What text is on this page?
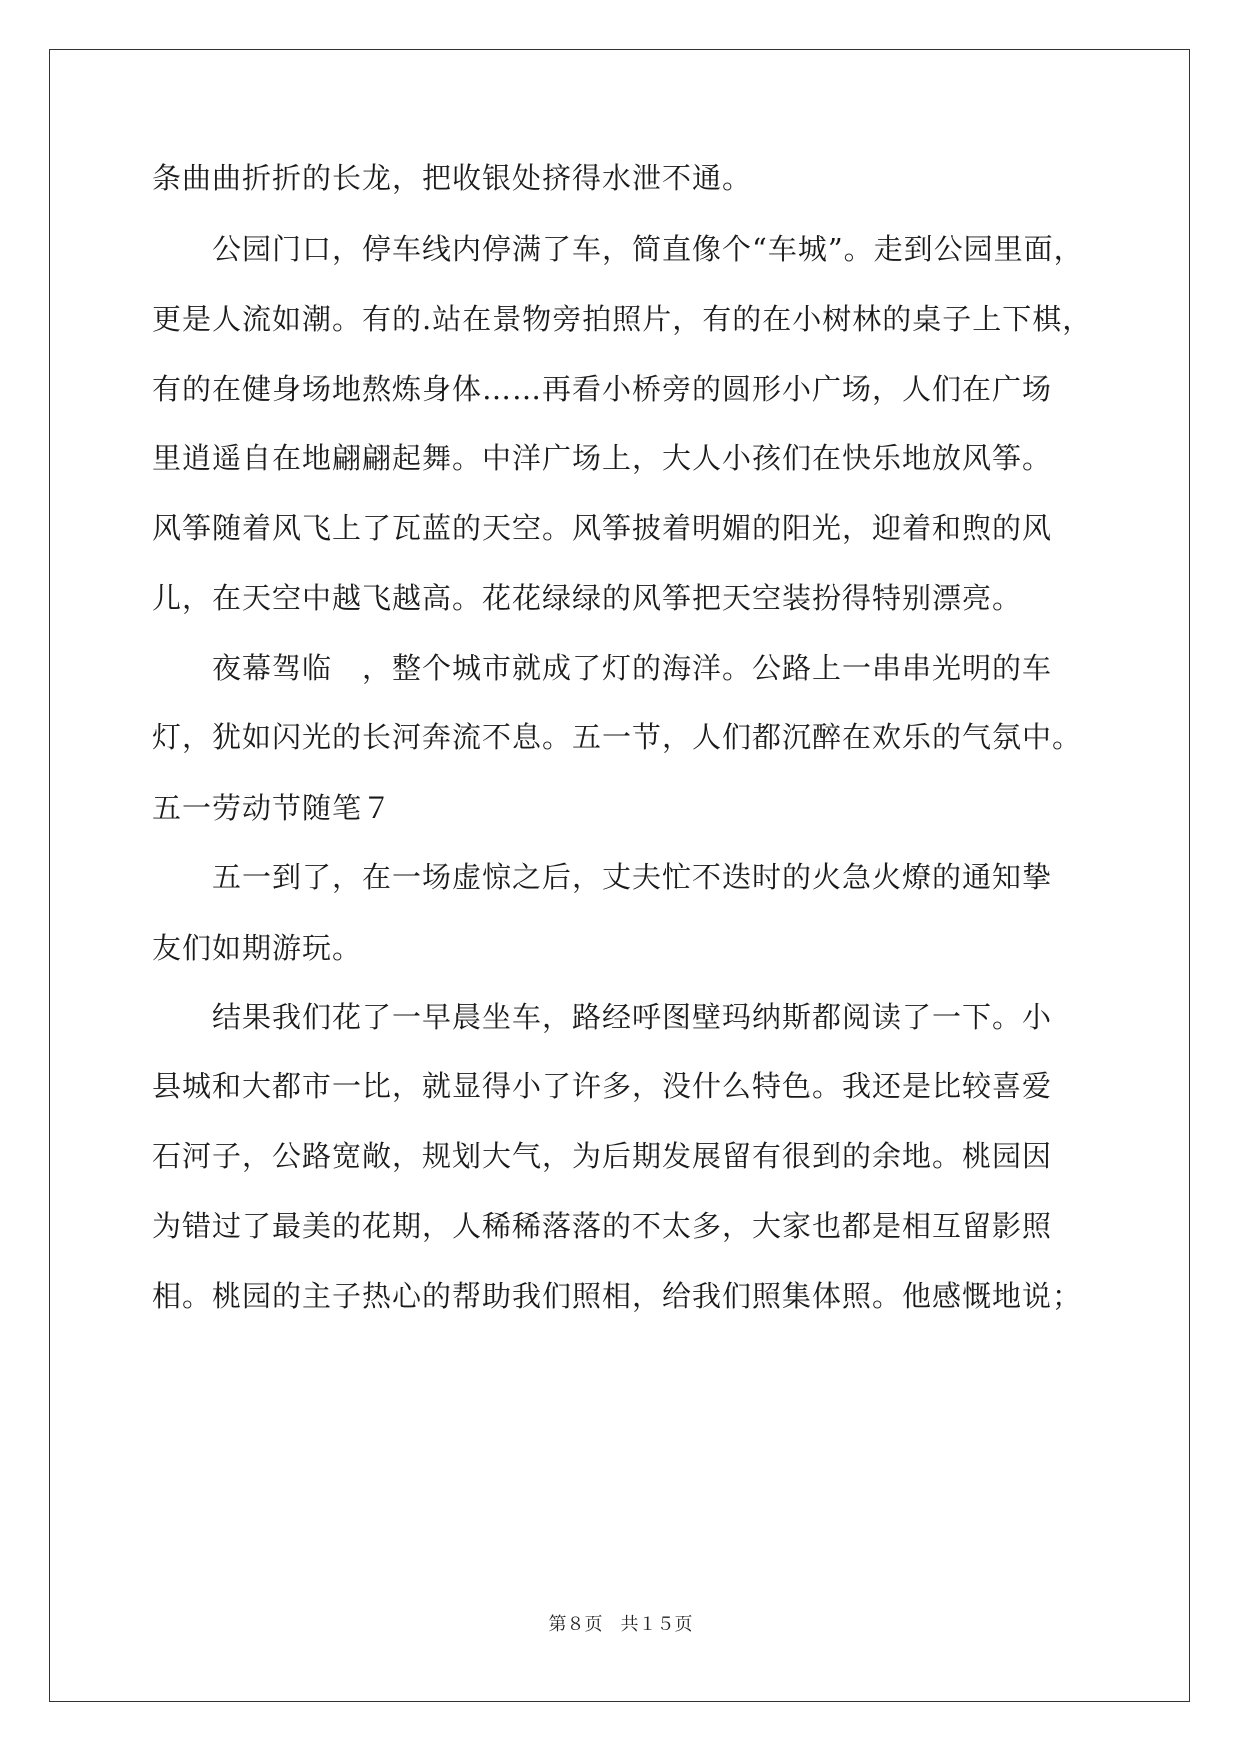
条曲曲折折的长龙，把收银处挤得水泄不通。
　　公园门口，停车线内停满了车，简直像个“车城”。走到公园里面，
更是人流如潮。有的.站在景物旁拍照片，有的在小树林的桌子上下棋，
有的在健身场地熬炼身体……再看小桥旁的圆形小广场，人们在广场
里逍遥自在地翩翩起舞。中洋广场上，大人小孩们在快乐地放风筝。
风筝随着风飞上了瓦蓝的天空。风筝披着明媚的阳光，迎着和煦的风
儿，在天空中越飞越高。花花绿绿的风筝把天空装扮得特别漂亮。
　　夜幕驾临　，整个城市就成了灯的海洋。公路上一串串光明的车
灯，犹如闪光的长河奔流不息。五一节，人们都沉醉在欢乐的气氛中。
五一劳动节随笔７
　　五一到了，在一场虚惊之后，丈夫忙不迭时的火急火燎的通知挚
友们如期游玩。
　　结果我们花了一早晨坐车，路经呼图壁玛纳斯都阅读了一下。小
县城和大都市一比，就显得小了许多，没什么特色。我还是比较喜爱
石河子，公路宽敞，规划大气，为后期发展留有很到的余地。桃园因
为错过了最美的花期，人稀稀落落的不太多，大家也都是相互留影照
相。桃园的主子热心的帮助我们照相，给我们照集体照。他感慨地说；
第８页　共１５页
